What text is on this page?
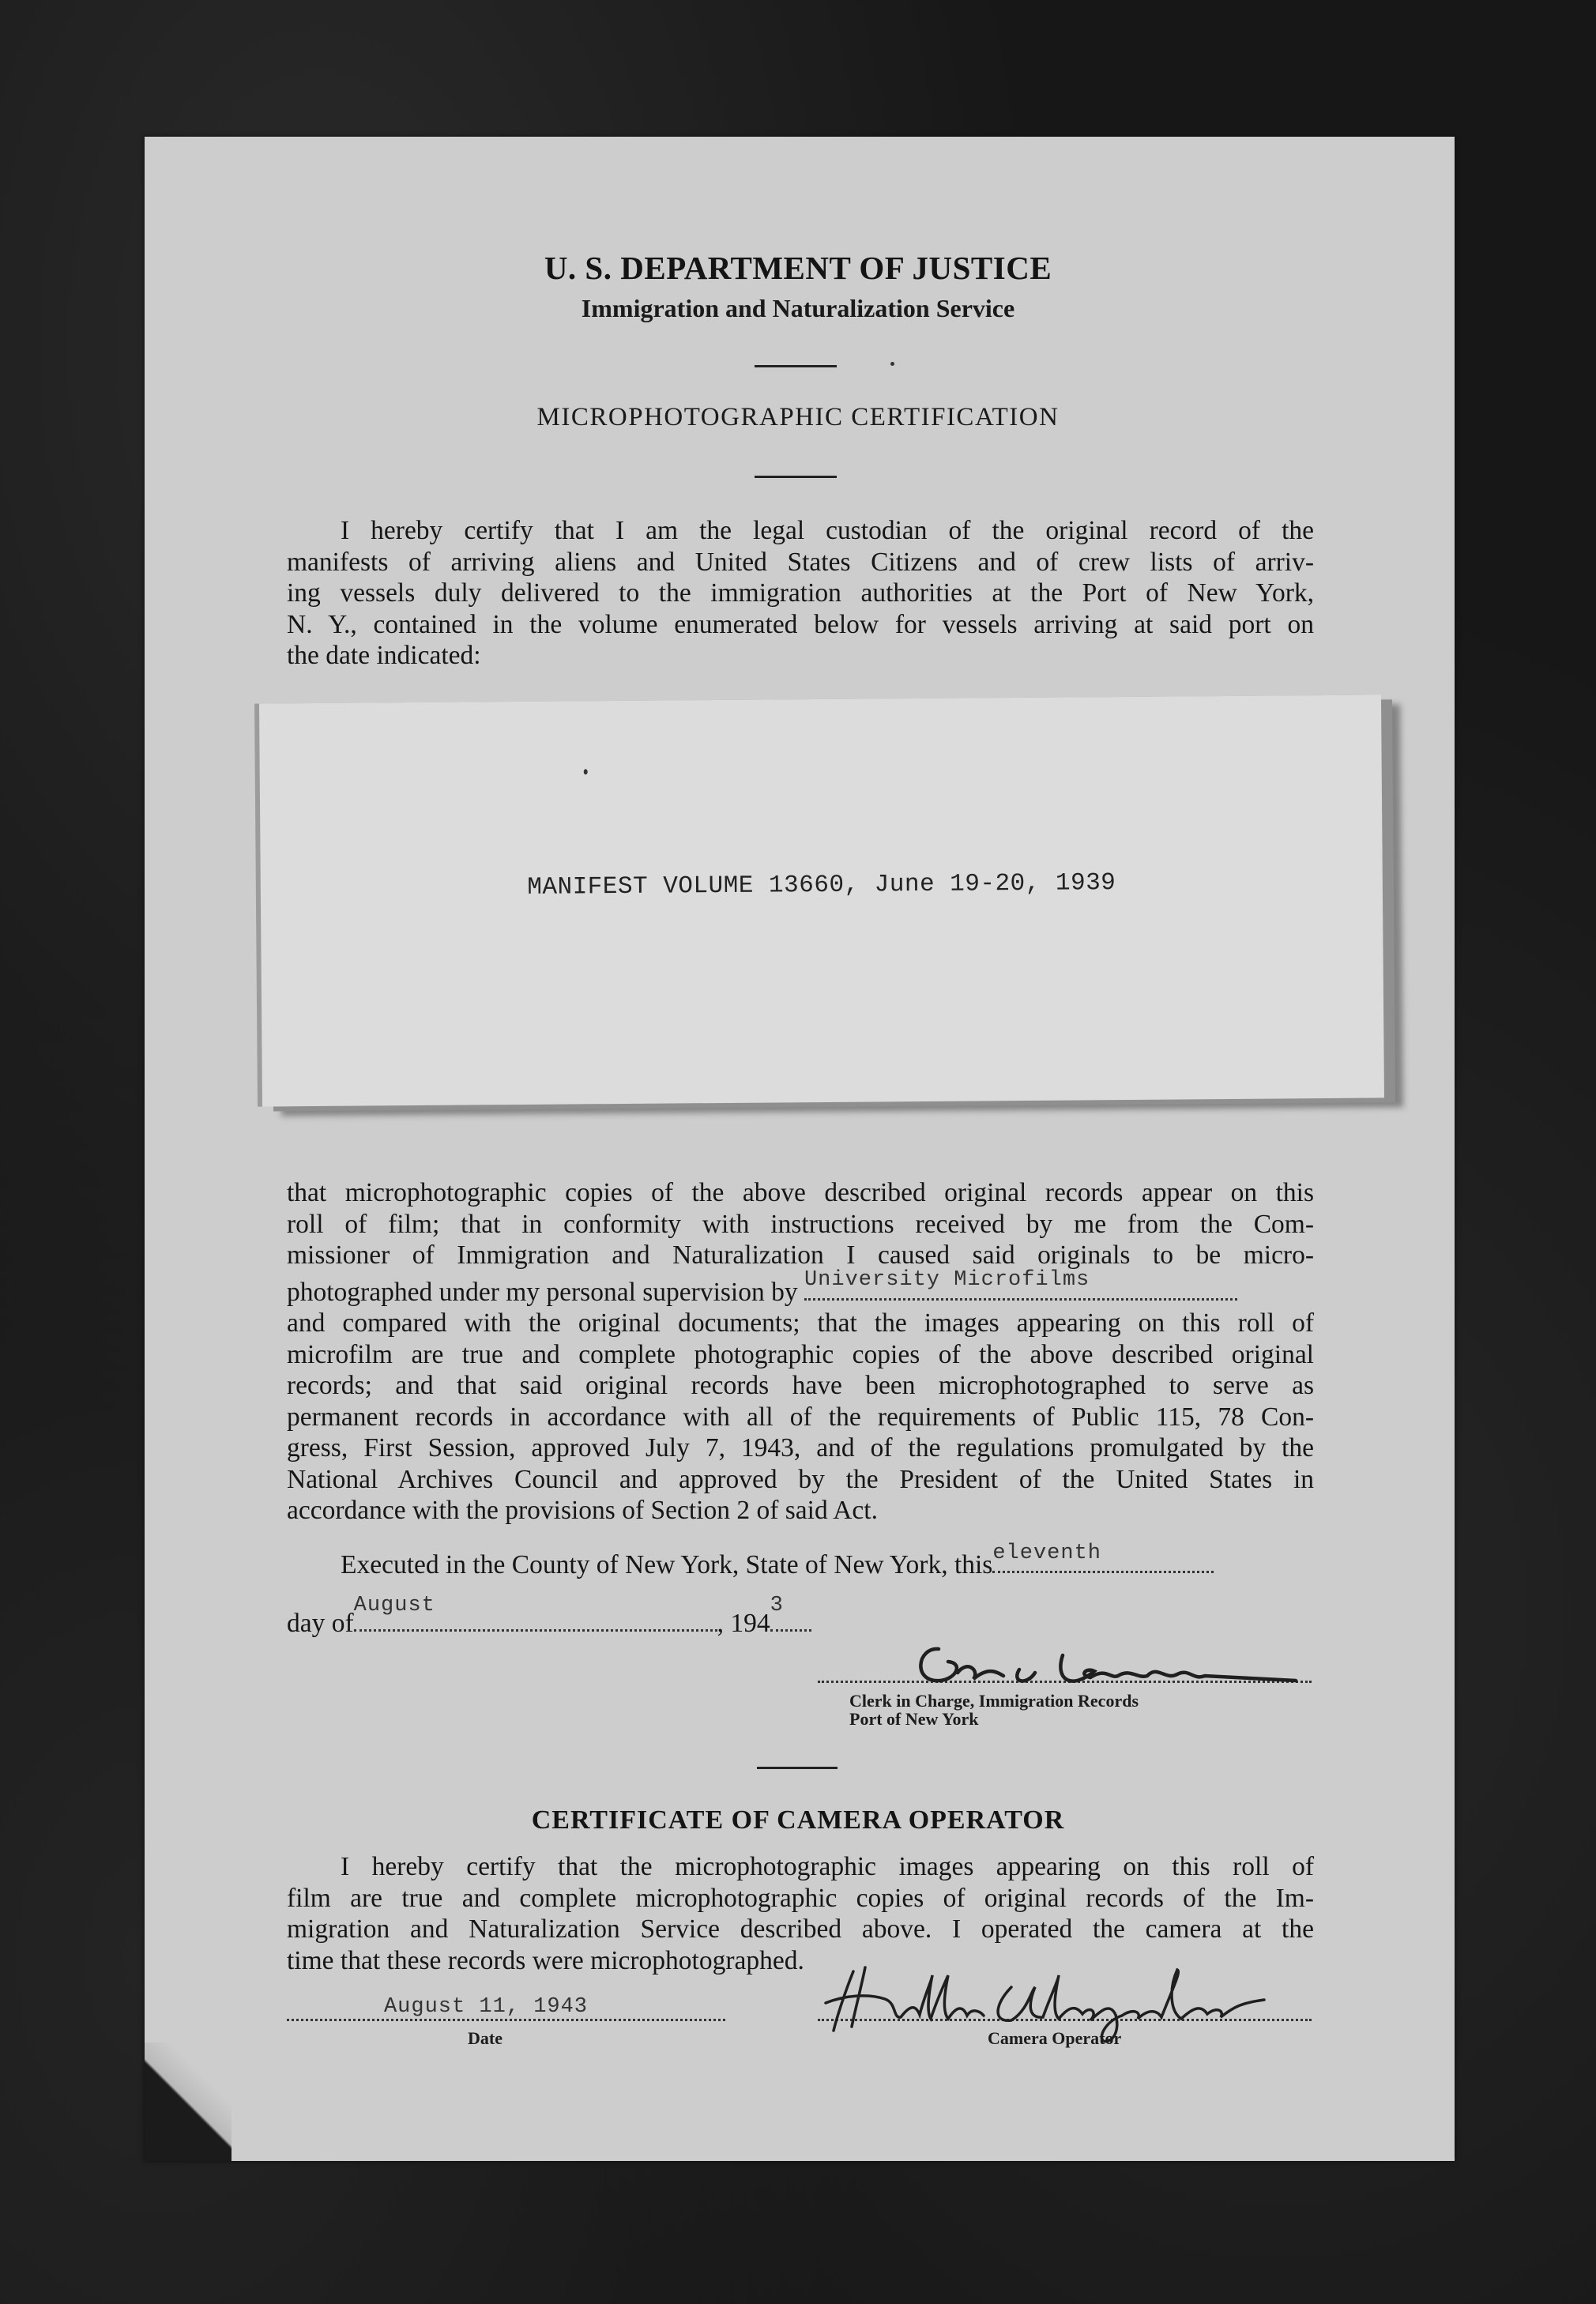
U. S. DEPARTMENT OF JUSTICE
Immigration and Naturalization Service
MICROPHOTOGRAPHIC CERTIFICATION
I hereby certify that I am the legal custodian of the original record of the
manifests of arriving aliens and United States Citizens and of crew lists of arriv-
ing vessels duly delivered to the immigration authorities at the Port of New York,
N. Y., contained in the volume enumerated below for vessels arriving at said port on
the date indicated:
MANIFEST VOLUME 13660, June 19-20, 1939
that microphotographic copies of the above described original records appear on this
roll of film; that in conformity with instructions received by me from the Com-
missioner of Immigration and Naturalization I caused said originals to be micro-
photographed under my personal supervision by University Microfilms
and compared with the original documents; that the images appearing on this roll of
microfilm are true and complete photographic copies of the above described original
records; and that said original records have been microphotographed to serve as
permanent records in accordance with all of the requirements of Public 115, 78 Con-
gress, First Session, approved July 7, 1943, and of the regulations promulgated by the
National Archives Council and approved by the President of the United States in
accordance with the provisions of Section 2 of said Act.
Executed in the County of New York, State of New York, this eleventh
day of
August
, 194
3
Clerk in Charge, Immigration Records
Port of New York
CERTIFICATE OF CAMERA OPERATOR
I hereby certify that the microphotographic images appearing on this roll of
film are true and complete microphotographic copies of original records of the Im-
migration and Naturalization Service described above. I operated the camera at the
time that these records were microphotographed.
August 11, 1943
Date	Camera Operator
